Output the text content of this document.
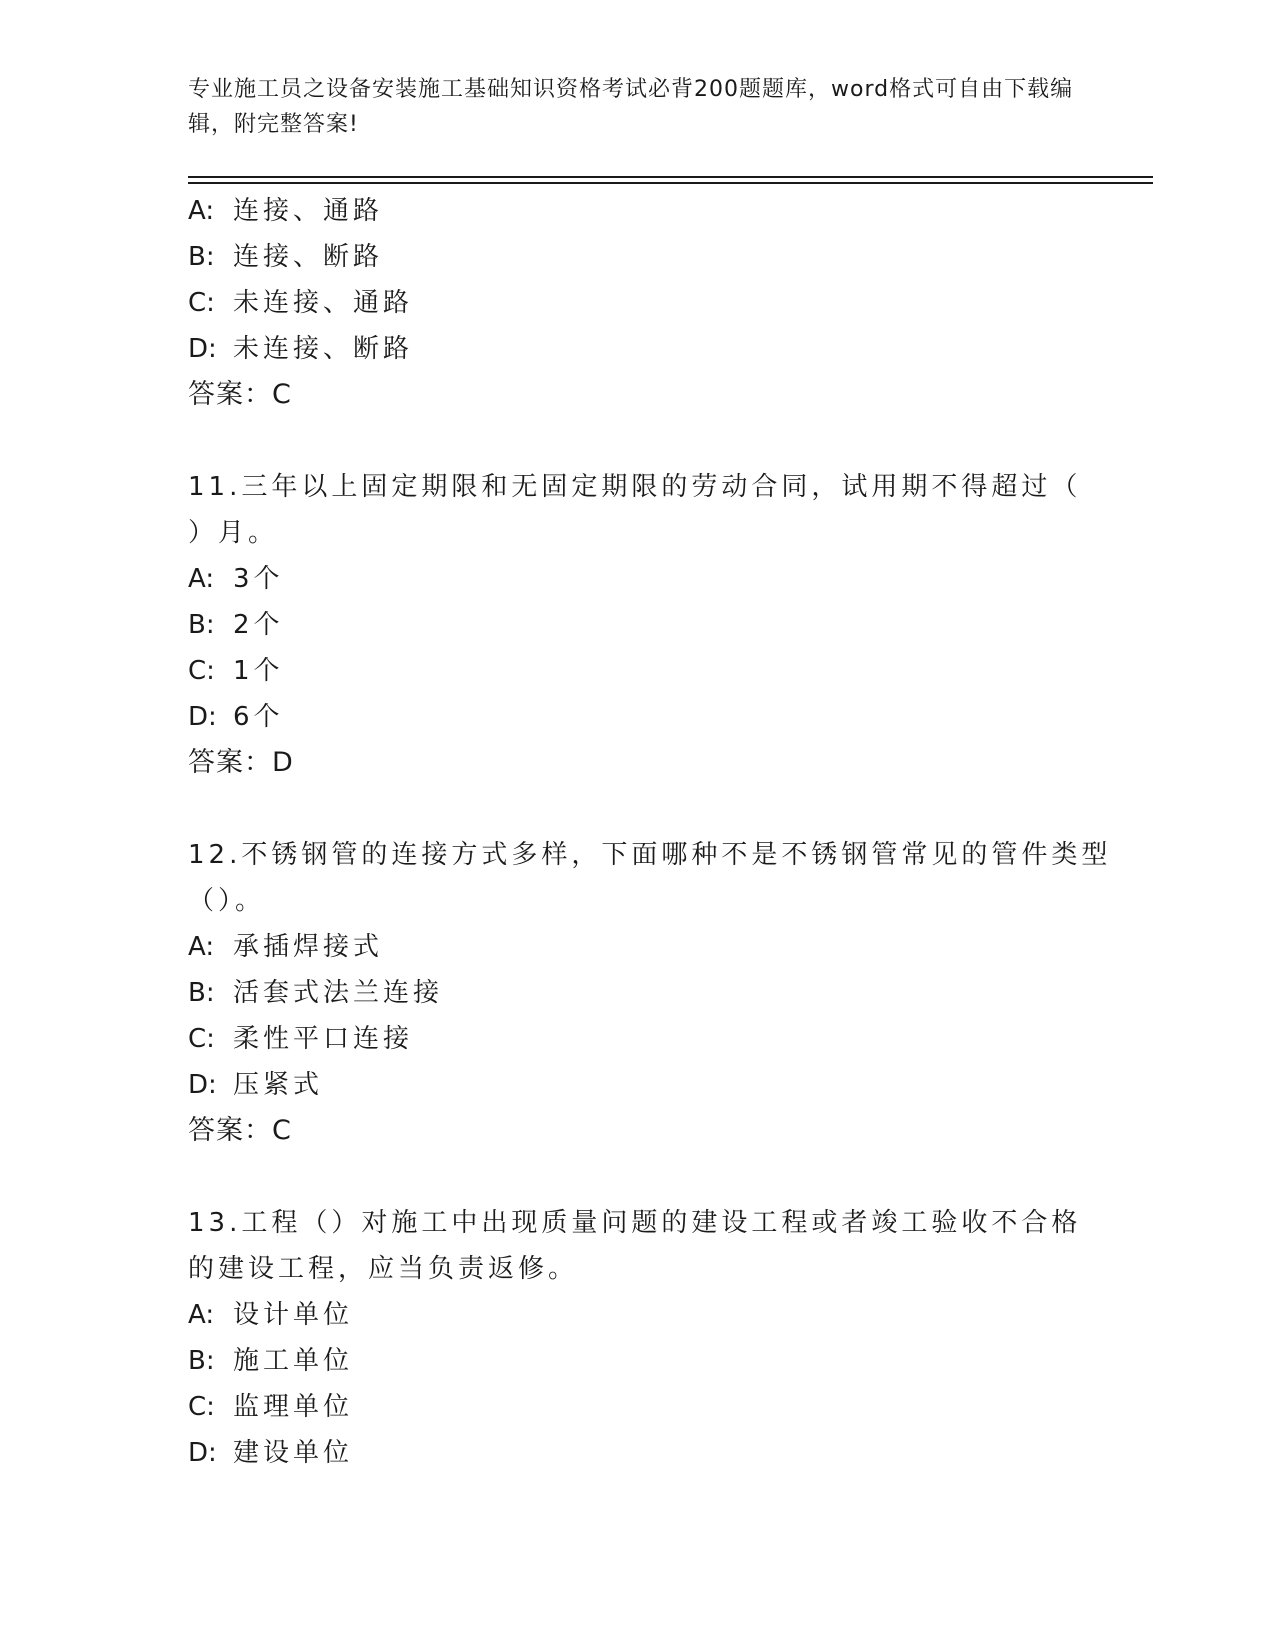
专业施工员之设备安装施工基础知识资格考试必背200题题库，word格式可自由下载编辑，附完整答案!
A: 连接、通路
B: 连接、断路
C: 未连接、通路
D: 未连接、断路
答案：C
11.三年以上固定期限和无固定期限的劳动合同，试用期不得超过（
）月。
A: 3个
B: 2个
C: 1个
D: 6个
答案：D
12.不锈钢管的连接方式多样，下面哪种不是不锈钢管常见的管件类型
（）。
A: 承插焊接式
B: 活套式法兰连接
C: 柔性平口连接
D: 压紧式
答案：C
13.工程（）对施工中出现质量问题的建设工程或者竣工验收不合格
的建设工程，应当负责返修。
A: 设计单位
B: 施工单位
C: 监理单位
D: 建设单位
